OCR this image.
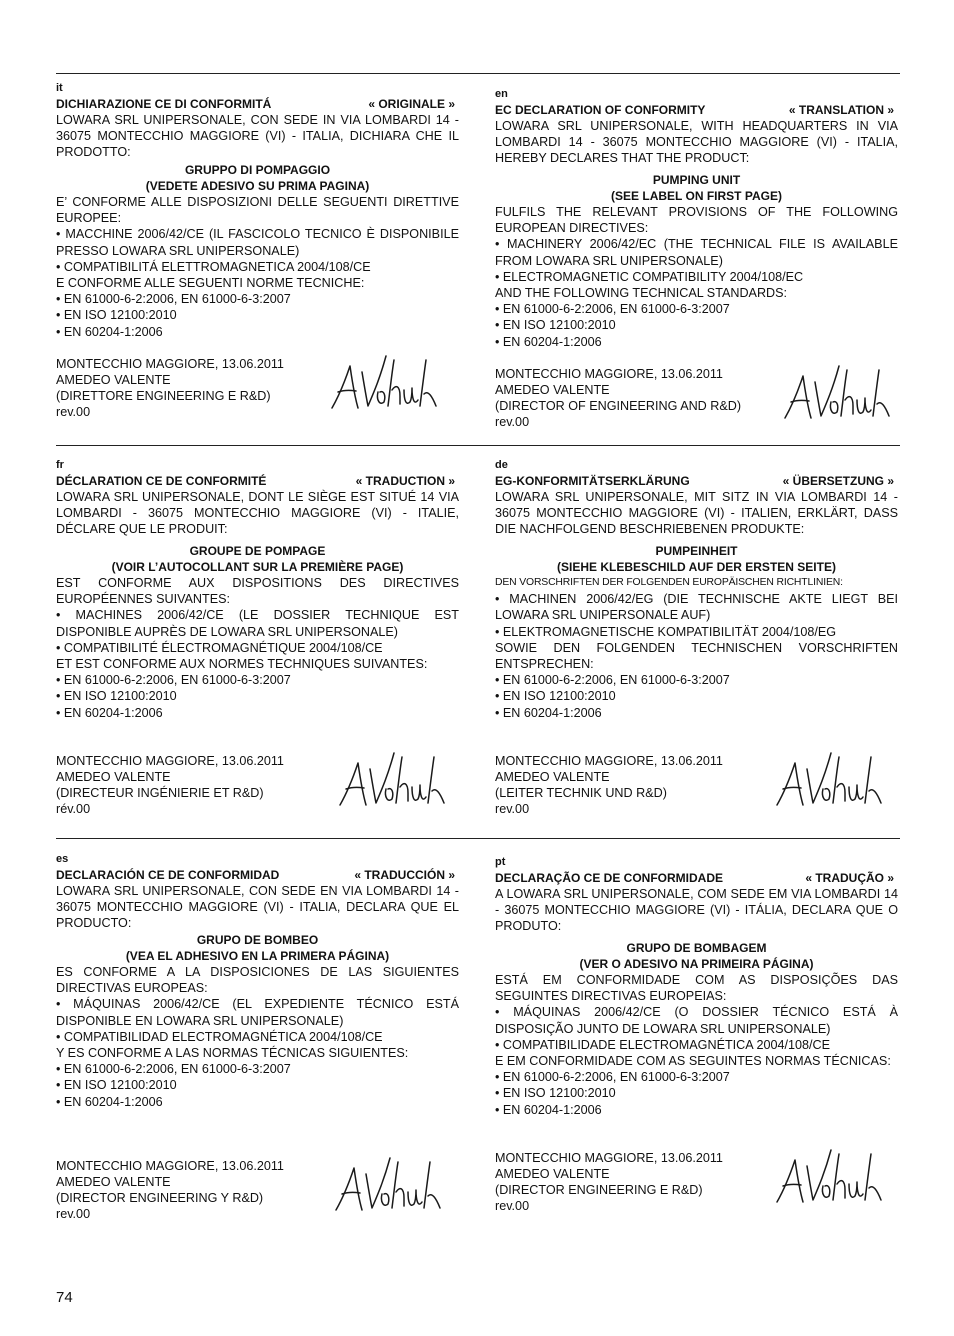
it
DICHIARAZIONE CE DI CONFORMITÁ	« ORIGINALE »
LOWARA SRL UNIPERSONALE, CON SEDE IN VIA LOMBARDI 14 - 36075 MONTECCHIO MAGGIORE (VI) - ITALIA, DICHIARA CHE IL PRODOTTO:
GRUPPO DI POMPAGGIO
(VEDETE ADESIVO SU PRIMA PAGINA)
E’ CONFORME ALLE DISPOSIZIONI DELLE SEGUENTI DIRETTIVE EUROPEE:
• MACCHINE 2006/42/CE (IL FASCICOLO TECNICO È DISPONIBILE PRESSO LOWARA SRL UNIPERSONALE)
• COMPATIBILITÁ ELETTROMAGNETICA 2004/108/CE
E CONFORME ALLE SEGUENTI NORME TECNICHE:
• EN 61000-6-2:2006, EN 61000-6-3:2007
• EN ISO 12100:2010
• EN 60204-1:2006
MONTECCHIO MAGGIORE, 13.06.2011
AMEDEO VALENTE
(DIRETTORE ENGINEERING E R&D)
rev.00
en
EC DECLARATION OF CONFORMITY	« TRANSLATION »
LOWARA SRL UNIPERSONALE, WITH HEADQUARTERS IN VIA LOMBARDI 14 - 36075 MONTECCHIO MAGGIORE (VI) - ITALIA, HEREBY DECLARES THAT THE PRODUCT:
PUMPING UNIT
(SEE LABEL ON FIRST PAGE)
FULFILS THE RELEVANT PROVISIONS OF THE FOLLOWING EUROPEAN DIRECTIVES:
• MACHINERY 2006/42/EC (THE TECHNICAL FILE IS AVAILABLE FROM LOWARA SRL UNIPERSONALE)
• ELECTROMAGNETIC COMPATIBILITY 2004/108/EC
AND THE FOLLOWING TECHNICAL STANDARDS:
• EN 61000-6-2:2006, EN 61000-6-3:2007
• EN ISO 12100:2010
• EN 60204-1:2006
MONTECCHIO MAGGIORE, 13.06.2011
AMEDEO VALENTE
(DIRECTOR OF ENGINEERING AND R&D)
rev.00
fr
DÉCLARATION CE DE CONFORMITÉ	« TRADUCTION »
LOWARA SRL UNIPERSONALE, DONT LE SIÈGE EST SITUÉ 14 VIA LOMBARDI - 36075 MONTECCHIO MAGGIORE (VI) - ITALIE, DÉCLARE QUE LE PRODUIT:
GROUPE DE POMPAGE
(VOIR L’AUTOCOLLANT SUR LA PREMIÈRE PAGE)
EST CONFORME AUX DISPOSITIONS DES DIRECTIVES EUROPÉENNES SUIVANTES:
• MACHINES 2006/42/CE (LE DOSSIER TECHNIQUE EST DISPONIBLE AUPRÈS DE LOWARA SRL UNIPERSONALE)
• COMPATIBILITÉ ÉLECTROMAGNÉTIQUE 2004/108/CE
ET EST CONFORME AUX NORMES TECHNIQUES SUIVANTES:
• EN 61000-6-2:2006, EN 61000-6-3:2007
• EN ISO 12100:2010
• EN 60204-1:2006
MONTECCHIO MAGGIORE, 13.06.2011
AMEDEO VALENTE
(DIRECTEUR INGÉNIERIE ET R&D)
rév.00
de
EG-KONFORMITÄTSERKLÄRUNG	« ÜBERSETZUNG »
LOWARA SRL UNIPERSONALE, MIT SITZ IN VIA LOMBARDI 14 - 36075 MONTECCHIO MAGGIORE (VI) - ITALIEN, ERKLÄRT, DASS DIE NACHFOLGEND BESCHRIEBENEN PRODUKTE:
PUMPEINHEIT
(SIEHE KLEBESCHILD AUF DER ERSTEN SEITE)
DEN VORSCHRIFTEN DER FOLGENDEN EUROPÄISCHEN RICHTLINIEN:
• MACHINEN 2006/42/EG (DIE TECHNISCHE AKTE LIEGT BEI LOWARA SRL UNIPERSONALE AUF)
• ELEKTROMAGNETISCHE KOMPATIBILITÄT 2004/108/EG
SOWIE DEN FOLGENDEN TECHNISCHEN VORSCHRIFTEN ENTSPRECHEN:
• EN 61000-6-2:2006, EN 61000-6-3:2007
• EN ISO 12100:2010
• EN 60204-1:2006
MONTECCHIO MAGGIORE, 13.06.2011
AMEDEO VALENTE
(LEITER TECHNIK UND R&D)
rev.00
es
DECLARACIÓN CE DE CONFORMIDAD	« TRADUCCIÓN »
LOWARA SRL UNIPERSONALE, CON SEDE EN VIA LOMBARDI 14 - 36075 MONTECCHIO MAGGIORE (VI) - ITALIA, DECLARA QUE EL PRODUCTO:
GRUPO DE BOMBEO
(VEA EL ADHESIVO EN LA PRIMERA PÁGINA)
ES CONFORME A LA DISPOSICIONES DE LAS SIGUIENTES DIRECTIVAS EUROPEAS:
• MÁQUINAS 2006/42/CE (EL EXPEDIENTE TÉCNICO ESTÁ DISPONIBLE EN LOWARA SRL UNIPERSONALE)
• COMPATIBILIDAD ELECTROMAGNÉTICA 2004/108/CE
Y ES CONFORME A LAS NORMAS TÉCNICAS SIGUIENTES:
• EN 61000-6-2:2006, EN 61000-6-3:2007
• EN ISO 12100:2010
• EN 60204-1:2006
MONTECCHIO MAGGIORE, 13.06.2011
AMEDEO VALENTE
(DIRECTOR ENGINEERING Y R&D)
rev.00
pt
DECLARAÇÃO CE DE CONFORMIDADE	« TRADUÇÃO »
A LOWARA SRL UNIPERSONALE, COM SEDE EM VIA LOMBARDI 14 - 36075 MONTECCHIO MAGGIORE (VI) - ITÁLIA, DECLARA QUE O PRODUTO:
GRUPO DE BOMBAGEM
(VER O ADESIVO NA PRIMEIRA PÁGINA)
ESTÁ EM CONFORMIDADE COM AS DISPOSIÇÕES DAS SEGUINTES DIRECTIVAS EUROPEIAS:
• MÁQUINAS 2006/42/CE (O DOSSIER TÉCNICO ESTÁ À DISPOSIÇÃO JUNTO DE LOWARA SRL UNIPERSONALE)
• COMPATIBILIDADE ELECTROMAGNÉTICA 2004/108/CE
E EM CONFORMIDADE COM AS SEGUINTES NORMAS TÉCNICAS:
• EN 61000-6-2:2006, EN 61000-6-3:2007
• EN ISO 12100:2010
• EN 60204-1:2006
MONTECCHIO MAGGIORE, 13.06.2011
AMEDEO VALENTE
(DIRECTOR ENGINEERING E R&D)
rev.00
74
